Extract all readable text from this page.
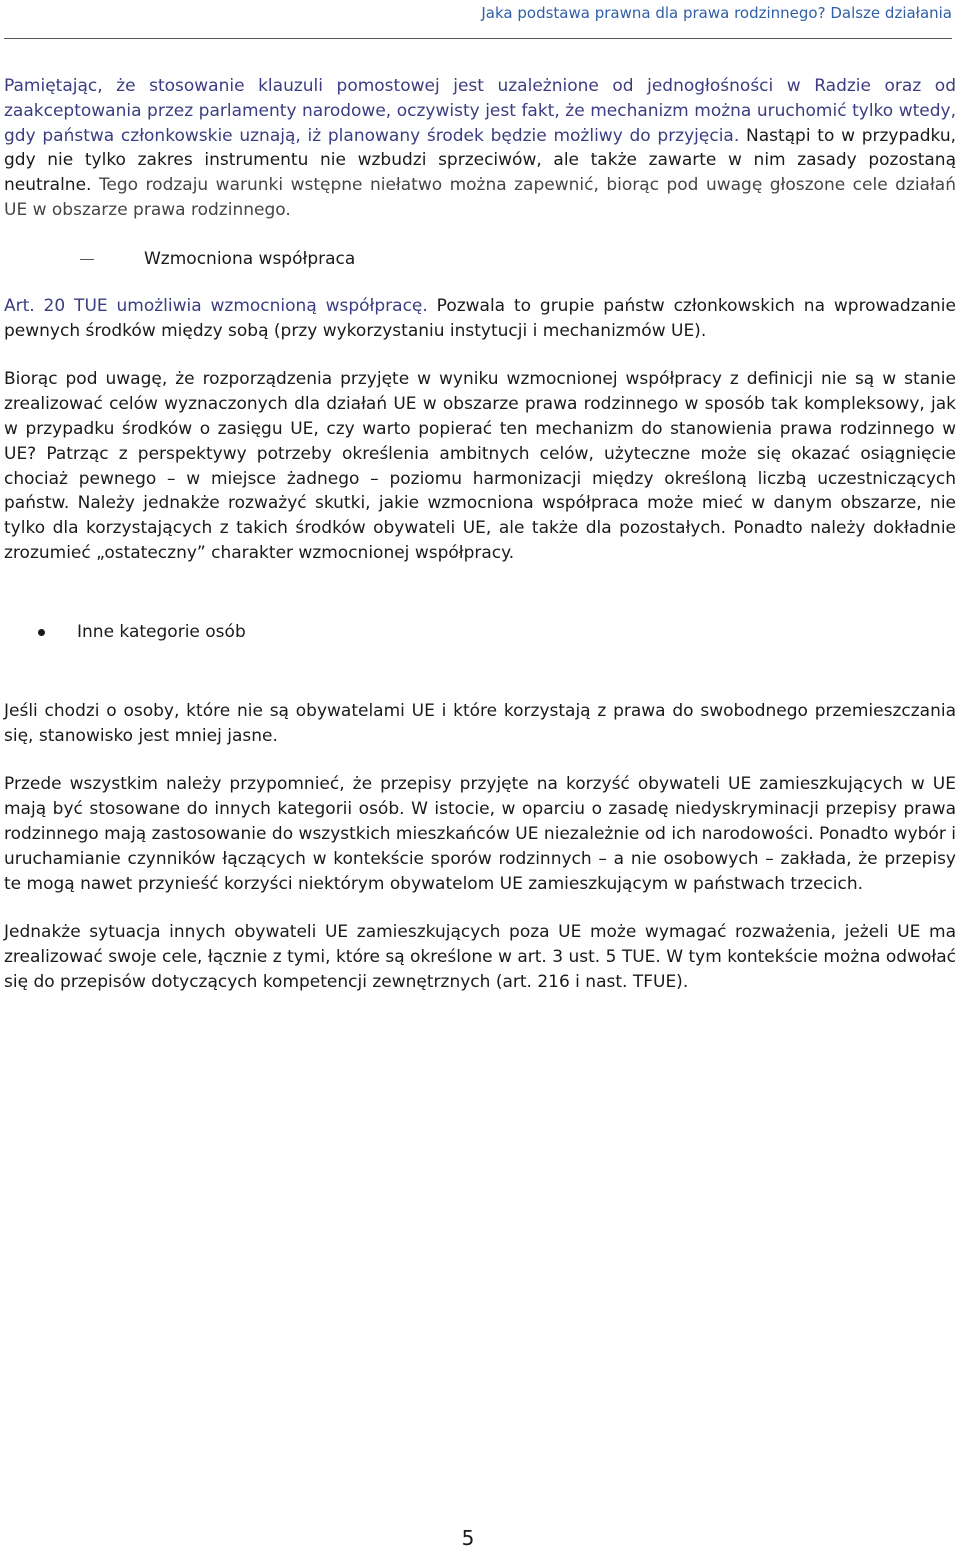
Jaka podstawa prawna dla prawa rodzinnego? Dalsze działania

Pamiętając, że stosowanie klauzuli pomostowej jest uzależnione od jednogłośności w Radzie oraz od zaakceptowania przez parlamenty narodowe, oczywisty jest fakt, że mechanizm można uruchomić tylko wtedy, gdy państwa członkowskie uznają, iż planowany środek będzie możliwy do przyjęcia. Nastąpi to w przypadku, gdy nie tylko zakres instrumentu nie wzbudzi sprzeciwów, ale także zawarte w nim zasady pozostaną neutralne. Tego rodzaju warunki wstępne niełatwo można zapewnić, biorąc pod uwagę głoszone cele działań UE w obszarze prawa rodzinnego.

Wzmocniona współpraca

Art. 20 TUE umożliwia wzmocnioną współpracę. Pozwala to grupie państw członkowskich na wprowadzanie pewnych środków między sobą (przy wykorzystaniu instytucji i mechanizmów UE).

Biorąc pod uwagę, że rozporządzenia przyjęte w wyniku wzmocnionej współpracy z definicji nie są w stanie zrealizować celów wyznaczonych dla działań UE w obszarze prawa rodzinnego w sposób tak kompleksowy, jak w przypadku środków o zasięgu UE, czy warto popierać ten mechanizm do stanowienia prawa rodzinnego w UE? Patrząc z perspektywy potrzeby określenia ambitnych celów, użyteczne może się okazać osiągnięcie chociaż pewnego – w miejsce żadnego – poziomu harmonizacji między określoną liczbą uczestniczących państw. Należy jednakże rozważyć skutki, jakie wzmocniona współpraca może mieć w danym obszarze, nie tylko dla korzystających z takich środków obywateli UE, ale także dla pozostałych. Ponadto należy dokładnie zrozumieć „ostateczny” charakter wzmocnionej współpracy.

Inne kategorie osób

Jeśli chodzi o osoby, które nie są obywatelami UE i które korzystają z prawa do swobodnego przemieszczania się, stanowisko jest mniej jasne.

Przede wszystkim należy przypomnieć, że przepisy przyjęte na korzyść obywateli UE zamieszkujących w UE mają być stosowane do innych kategorii osób. W istocie, w oparciu o zasadę niedyskryminacji przepisy prawa rodzinnego mają zastosowanie do wszystkich mieszkańców UE niezależnie od ich narodowości. Ponadto wybór i uruchamianie czynników łączących w kontekście sporów rodzinnych – a nie osobowych – zakłada, że przepisy te mogą nawet przynieść korzyści niektórym obywatelom UE zamieszkującym w państwach trzecich.

Jednakże sytuacja innych obywateli UE zamieszkujących poza UE może wymagać rozważenia, jeżeli UE ma zrealizować swoje cele, łącznie z tymi, które są określone w art. 3 ust. 5 TUE. W tym kontekście można odwołać się do przepisów dotyczących kompetencji zewnętrznych (art. 216 i nast. TFUE).

5
